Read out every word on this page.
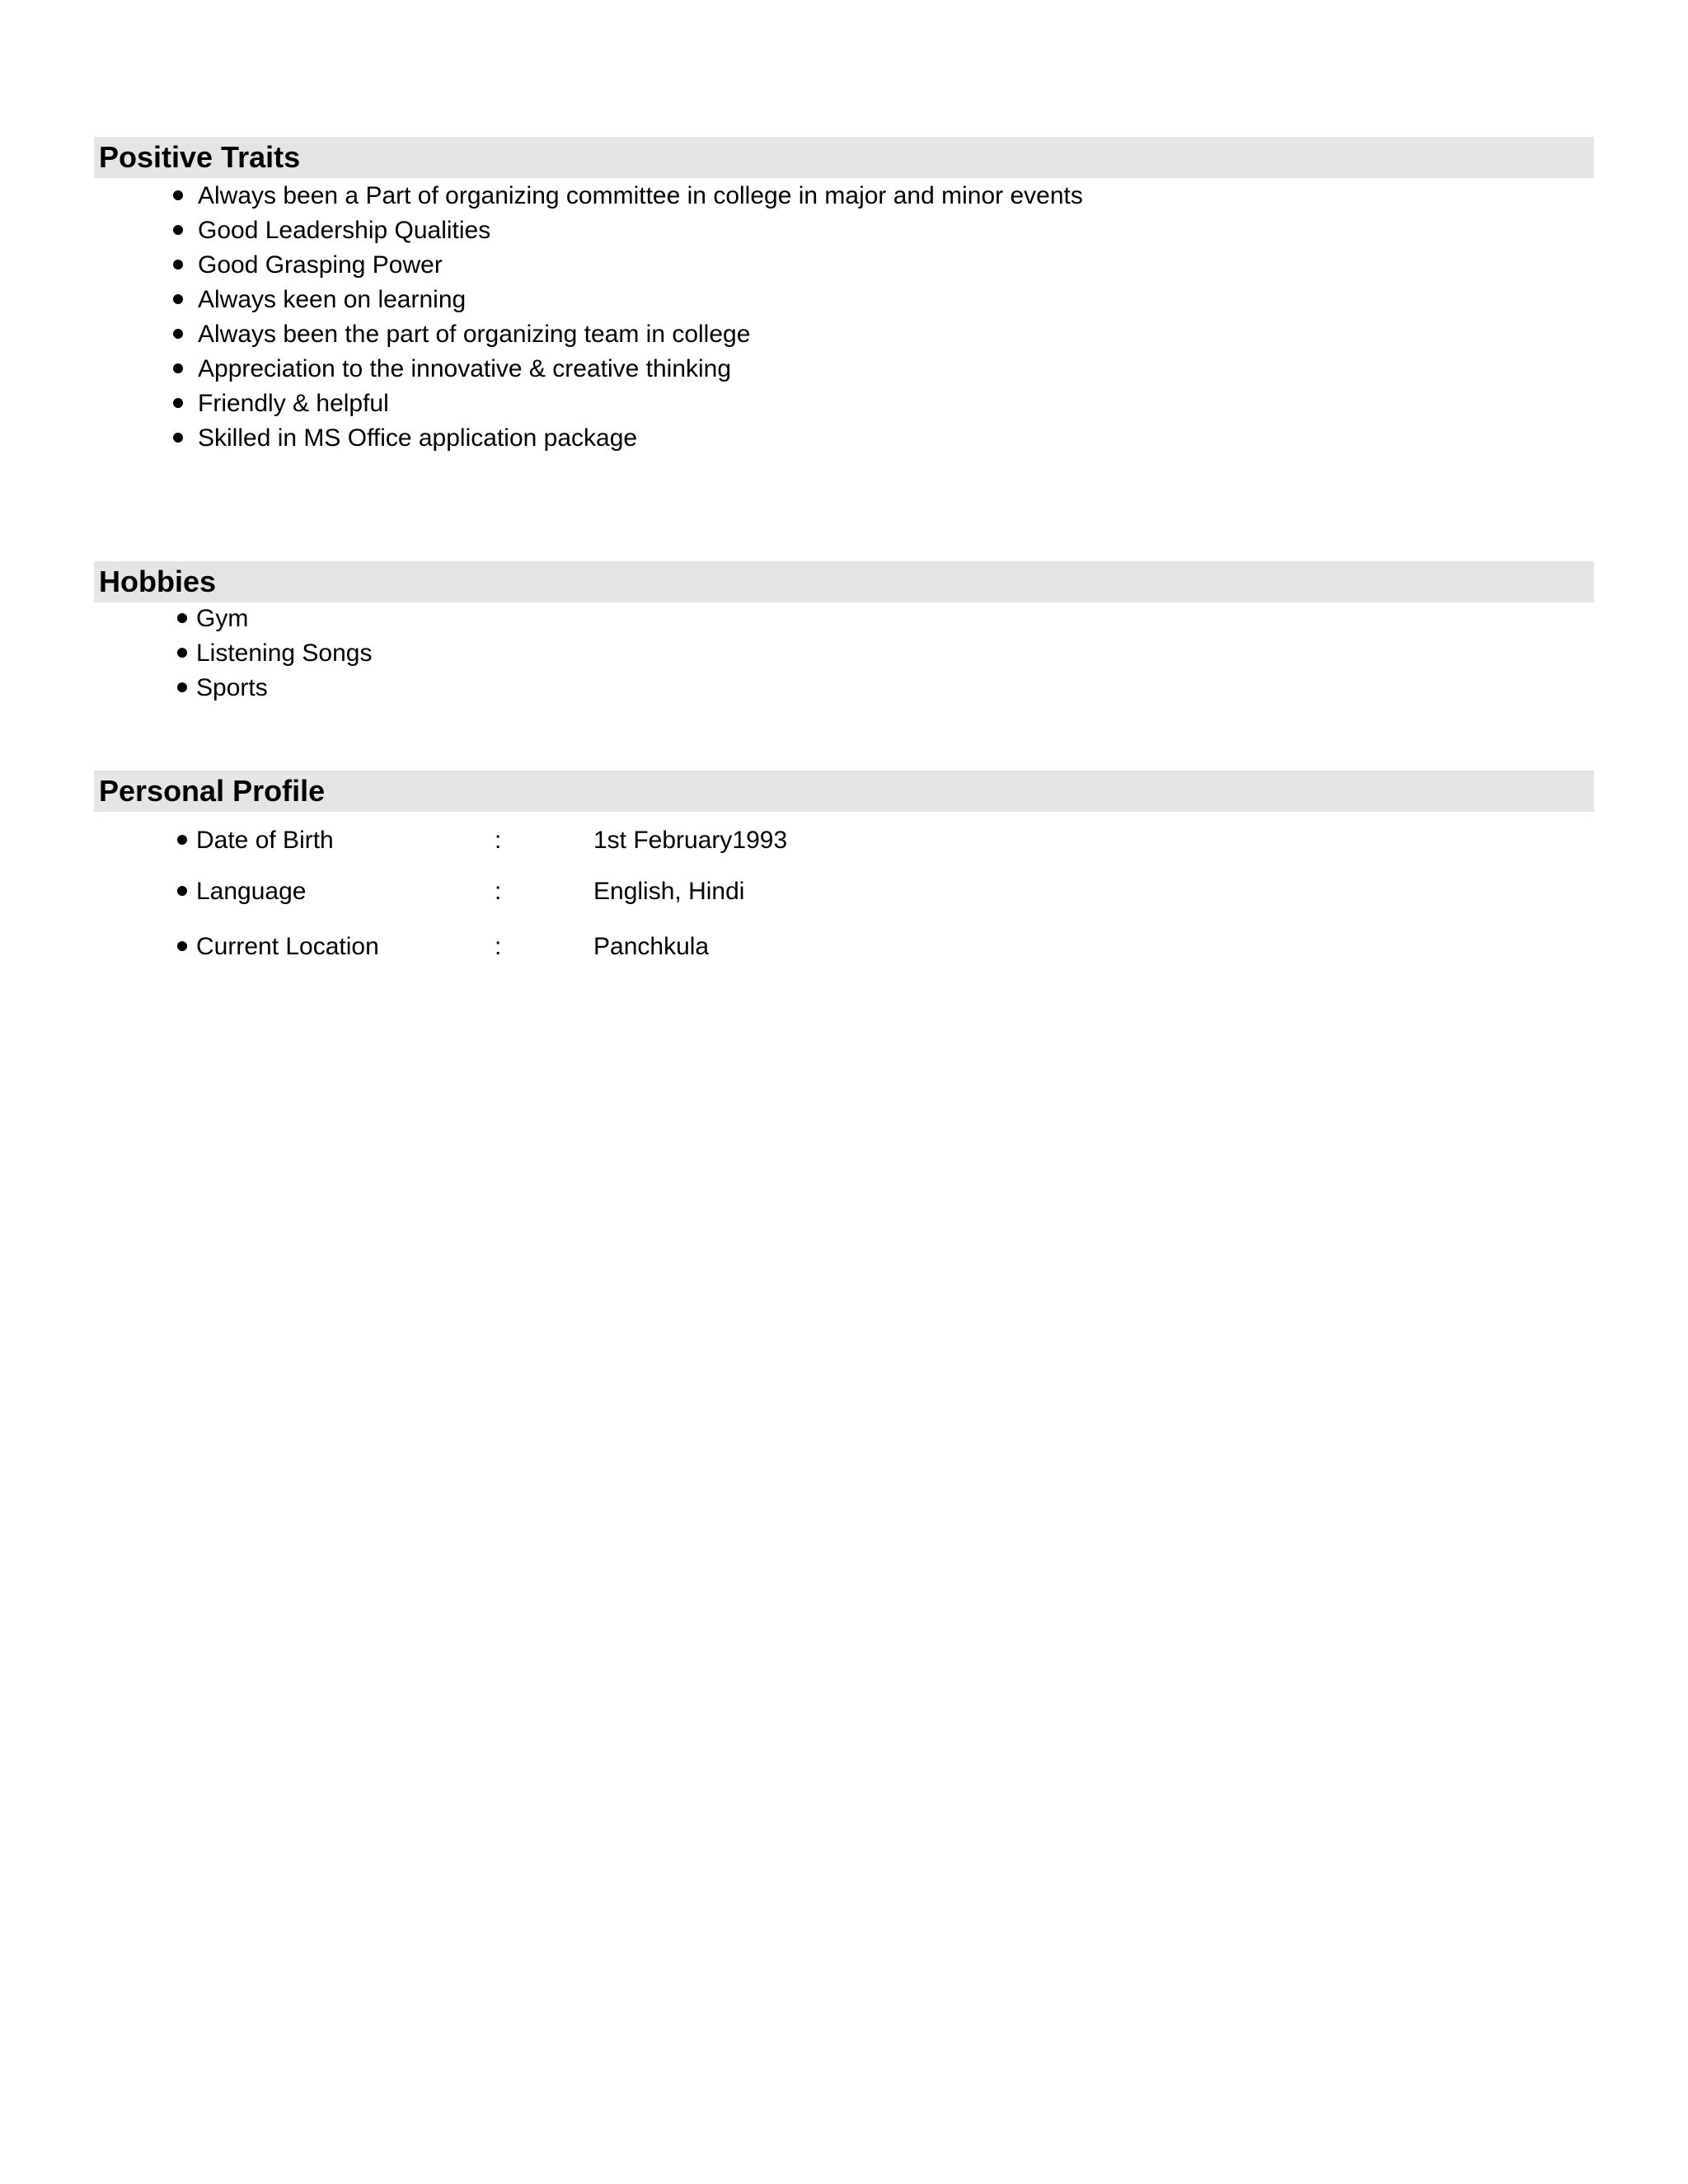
Positive Traits
Always been a Part of organizing committee in college in major and minor events
Good Leadership Qualities
Good Grasping Power
Always keen on learning
Always been the part of organizing team in college
Appreciation to the innovative & creative thinking
Friendly & helpful
Skilled in MS Office application package
Hobbies
Gym
Listening Songs
Sports
Personal Profile
Date of Birth	:	1st February1993
Language	:	English, Hindi
Current Location	:	Panchkula
